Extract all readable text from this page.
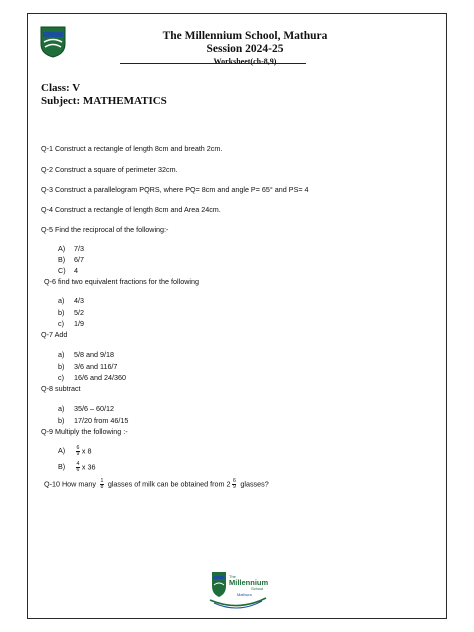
The Millennium School, Mathura
Session 2024-25
Worksheet(ch-8,9)
Class: V
Subject: MATHEMATICS
Q-1 Construct a rectangle of length 8cm and breath 2cm.
Q-2 Construct a square of perimeter 32cm.
Q-3 Construct a parallelogram PQRS, where PQ= 8cm and angle P= 65° and PS= 4
Q-4 Construct a rectangle of length 8cm and Area 24cm.
Q-5 Find the reciprocal of the following:-
A) 7/3
B) 6/7
C) 4
Q-6 find two equivalent fractions for the following
a) 4/3
b) 5/2
c) 1/9
Q-7 Add
a) 5/8 and 9/18
b) 3/6 and 116/7
c) 16/6 and 24/360
Q-8 subtract
a) 35/6 – 60/12
b) 17/20 from 46/15
Q-9 Multiply the following :-
$A) \frac{6}{9}$ x 8
$B) \frac{4}{6}$ x 36
Q-10 How many $\frac{1}{8}$ glasses of milk can be obtained from $2 \frac{6}{9}$ glasses?
The
Millennium
School
Mathura
